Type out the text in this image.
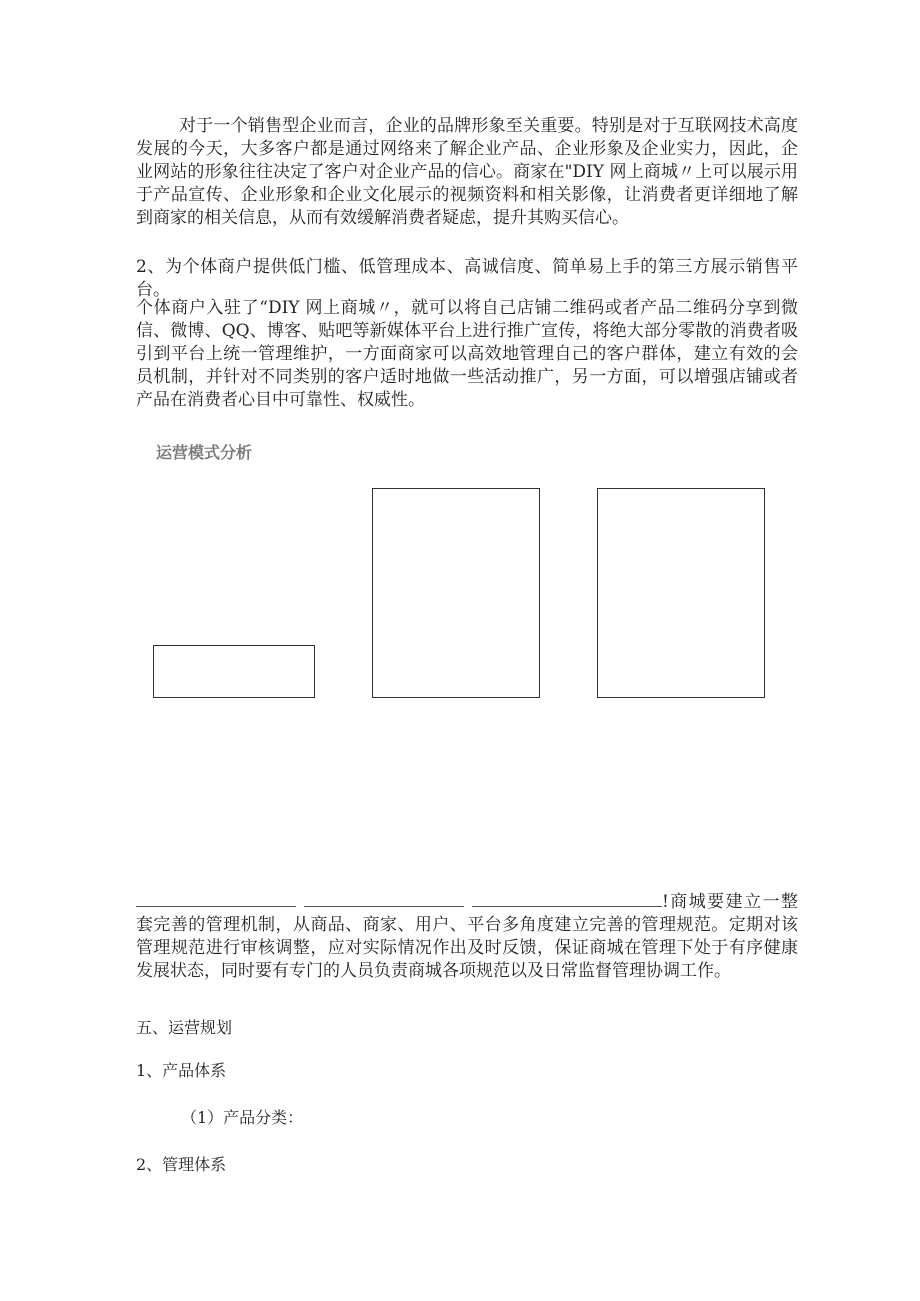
对于一个销售型企业而言，企业的品牌形象至关重要。特别是对于互联网技术高度发展的今天，大多客户都是通过网络来了解企业产品、企业形象及企业实力，因此，企业网站的形象往往决定了客户对企业产品的信心。商家在"DIY 网上商城〃上可以展示用于产品宣传、企业形象和企业文化展示的视频资料和相关影像，让消费者更详细地了解到商家的相关信息，从而有效缓解消费者疑虑，提升其购买信心。

2、为个体商户提供低门槛、低管理成本、高诚信度、简单易上手的第三方展示销售平台。

个体商户入驻了“DIY 网上商城〃，就可以将自己店铺二维码或者产品二维码分享到微信、微博、QQ、博客、贴吧等新媒体平台上进行推广宣传，将绝大部分零散的消费者吸引到平台上统一管理维护，一方面商家可以高效地管理自己的客户群体，建立有效的会员机制，并针对不同类别的客户适时地做一些活动推广，另一方面，可以增强店铺或者产品在消费者心目中可靠性、权威性。

运营模式分析

!商城要建立一整套完善的管理机制，从商品、商家、用户、平台多角度建立完善的管理规范。定期对该管理规范进行审核调整，应对实际情况作出及时反馈，保证商城在管理下处于有序健康发展状态，同时要有专门的人员负责商城各项规范以及日常监督管理协调工作。

五、运营规划

1、产品体系

（1）产品分类：

2、管理体系
